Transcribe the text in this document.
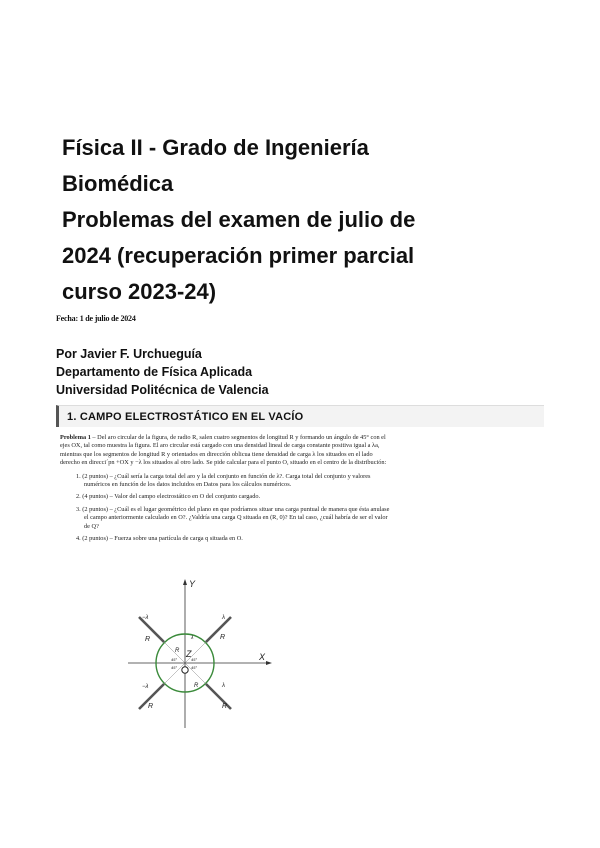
Física II - Grado de Ingeniería
Biomédica
Problemas del examen de julio de
2024 (recuperación primer parcial
curso 2023-24)
Fecha: 1 de julio de 2024
Por Javier F. Urchueguía
Departamento de Física Aplicada
Universidad Politécnica de Valencia
1. CAMPO ELECTROSTÁTICO EN EL VACÍO

Problema 1 – Del aro circular de la figura, de radio R, salen cuatro segmentos de longitud R y formando un ángulo de 45° con el ejes OX, tal como muestra la figura. El aro circular está cargado con una densidad lineal de carga constante positiva igual a λa, mientras que los segmentos de longitud R y orientados en dirección oblicua tiene densidad de carga λ los situados en el lado derecho en direcci´pn +OX y −λ los situados al otro lado. Se pide calcular para el punto O, situado en el centro de la distribución:

1. (2 puntos) – ¿Cuál sería la carga total del aro y la del conjunto en función de λ?. Carga total del conjunto y valores numéricos en función de los datos incluidos en Datos para los cálculos numéricos.
2. (4 puntos) – Valor del campo electrostático en O del conjunto cargado.
3. (2 puntos) – ¿Cuál es el lugar geométrico del plano en que podríamos situar una carga puntual de manera que ésta anulase el campo anteriormente calculado en O?. ¿Valdría una carga Q situada en (R, 0)? En tal caso, ¿cuál habría de ser el valor de Q?
4. (2 puntos) – Fuerza sobre una partícula de carga q situada en O.
Y
X
Z
λ
λ
−λ
−λ
λ
R	R
R	R
R
R
45°	45°
45°	45°
